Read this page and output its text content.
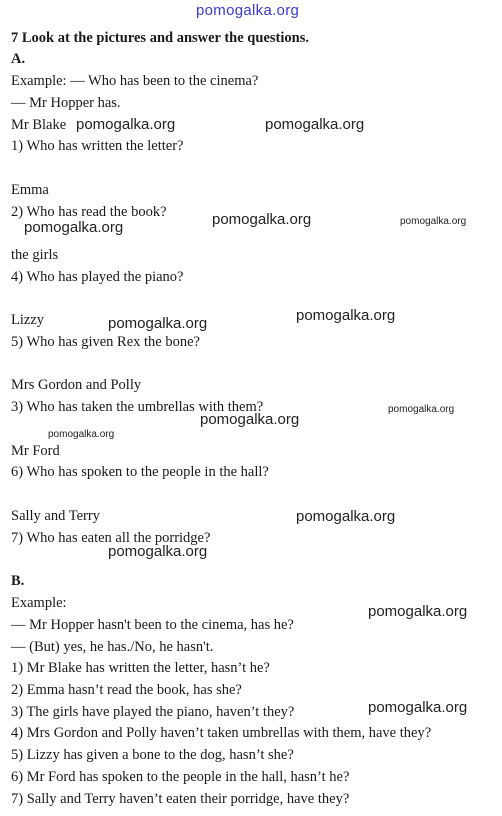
pomogalka.org
7 Look at the pictures and answer the questions.
A.
Example: — Who has been to the cinema?
— Mr Hopper has.
Mr Blake
1) Who has written the letter?
Emma
2) Who has read the book?
the girls
4) Who has played the piano?
Lizzy
5) Who has given Rex the bone?
Mrs Gordon and Polly
3) Who has taken the umbrellas with them?
Mr Ford
6) Who has spoken to the people in the hall?
Sally and Terry
7) Who has eaten all the porridge?
B.
Example:
— Mr Hopper hasn't been to the cinema, has he?
— (But) yes, he has./No, he hasn't.
1) Mr Blake has written the letter, hasn’t he?
2) Emma hasn’t read the book, has she?
3) The girls have played the piano, haven’t they?
4) Mrs Gordon and Polly haven’t taken umbrellas with them, have they?
5) Lizzy has given a bone to the dog, hasn’t she?
6) Mr Ford has spoken to the people in the hall, hasn’t he?
7) Sally and Terry haven’t eaten their porridge, have they?
pomogalka.org	pomogalka.org
pomogalka.org	pomogalka.org
pomogalka.org
pomogalka.org
pomogalka.org
pomogalka.org
pomogalka.org
pomogalka.org
pomogalka.org
pomogalka.org
pomogalka.org
pomogalka.org
